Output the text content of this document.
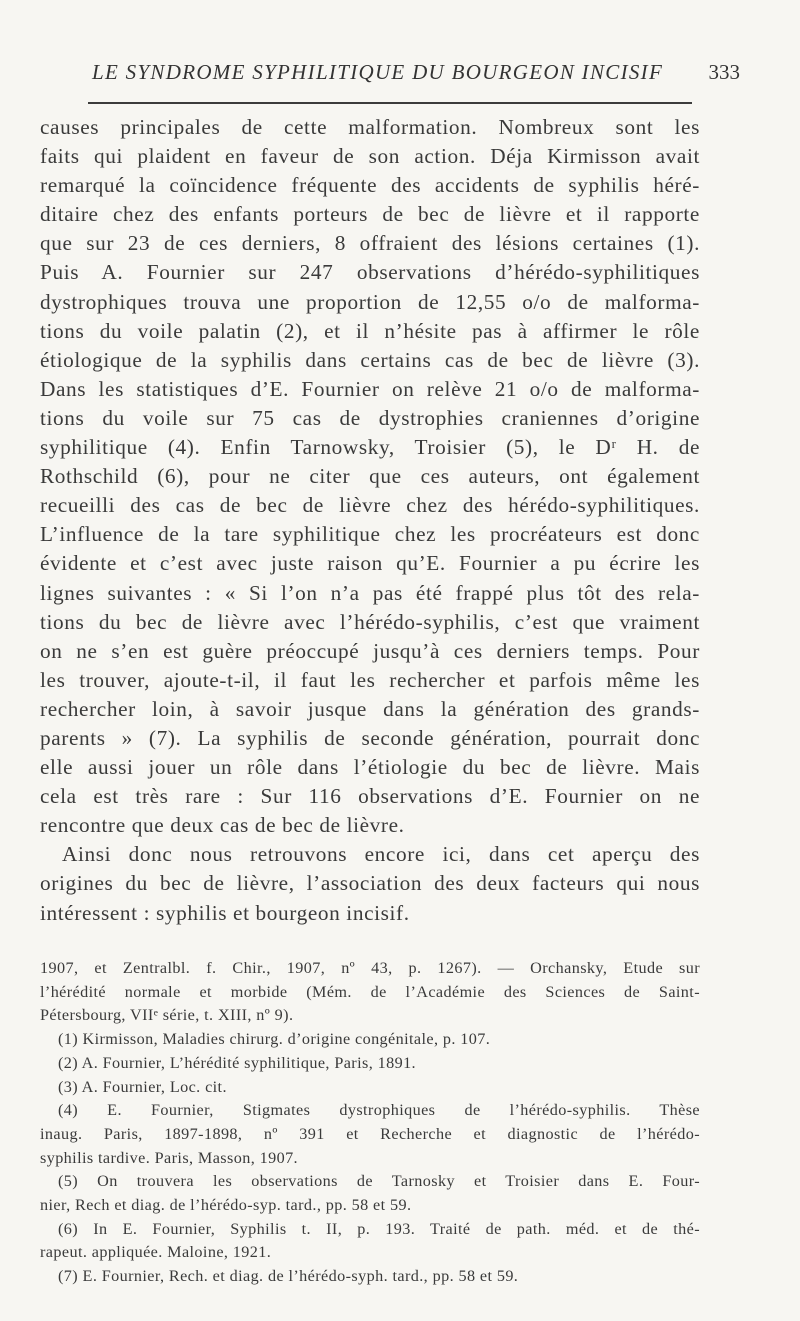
LE SYNDROME SYPHILITIQUE DU BOURGEON INCISIF 333
causes principales de cette malformation. Nombreux sont les
faits qui plaident en faveur de son action. Déja Kirmisson avait
remarqué la coïncidence fréquente des accidents de syphilis héré-
ditaire chez des enfants porteurs de bec de lièvre et il rapporte
que sur 23 de ces derniers, 8 offraient des lésions certaines (1).
Puis A. Fournier sur 247 observations d’hérédo-syphilitiques
dystrophiques trouva une proportion de 12,55 o/o de malforma-
tions du voile palatin (2), et il n’hésite pas à affirmer le rôle
étiologique de la syphilis dans certains cas de bec de lièvre (3).
Dans les statistiques d’E. Fournier on relève 21 o/o de malforma-
tions du voile sur 75 cas de dystrophies craniennes d’origine
syphilitique (4). Enfin Tarnowsky, Troisier (5), le Dʳ H. de
Rothschild (6), pour ne citer que ces auteurs, ont également
recueilli des cas de bec de lièvre chez des hérédo-syphilitiques.
L’influence de la tare syphilitique chez les procréateurs est donc
évidente et c’est avec juste raison qu’E. Fournier a pu écrire les
lignes suivantes : « Si l’on n’a pas été frappé plus tôt des rela-
tions du bec de lièvre avec l’hérédo-syphilis, c’est que vraiment
on ne s’en est guère préoccupé jusqu’à ces derniers temps. Pour
les trouver, ajoute-t-il, il faut les rechercher et parfois même les
rechercher loin, à savoir jusque dans la génération des grands-
parents » (7). La syphilis de seconde génération, pourrait donc
elle aussi jouer un rôle dans l’étiologie du bec de lièvre. Mais
cela est très rare : Sur 116 observations d’E. Fournier on ne
rencontre que deux cas de bec de lièvre.
Ainsi donc nous retrouvons encore ici, dans cet aperçu des
origines du bec de lièvre, l’association des deux facteurs qui nous
intéressent : syphilis et bourgeon incisif.
1907, et Zentralbl. f. Chir., 1907, nº 43, p. 1267). — Orchansky, Etude sur
l’hérédité normale et morbide (Mém. de l’Académie des Sciences de Saint-
Pétersbourg, VIIᵉ série, t. XIII, nº 9).
(1) Kirmisson, Maladies chirurg. d’origine congénitale, p. 107.
(2) A. Fournier, L’hérédité syphilitique, Paris, 1891.
(3) A. Fournier, Loc. cit.
(4) E. Fournier, Stigmates dystrophiques de l’hérédo-syphilis. Thèse
inaug. Paris, 1897-1898, nº 391 et Recherche et diagnostic de l’hérédo-
syphilis tardive. Paris, Masson, 1907.
(5) On trouvera les observations de Tarnosky et Troisier dans E. Four-
nier, Rech et diag. de l’hérédo-syp. tard., pp. 58 et 59.
(6) In E. Fournier, Syphilis t. II, p. 193. Traité de path. méd. et de thé-
rapeut. appliquée. Maloine, 1921.
(7) E. Fournier, Rech. et diag. de l’hérédo-syph. tard., pp. 58 et 59.
